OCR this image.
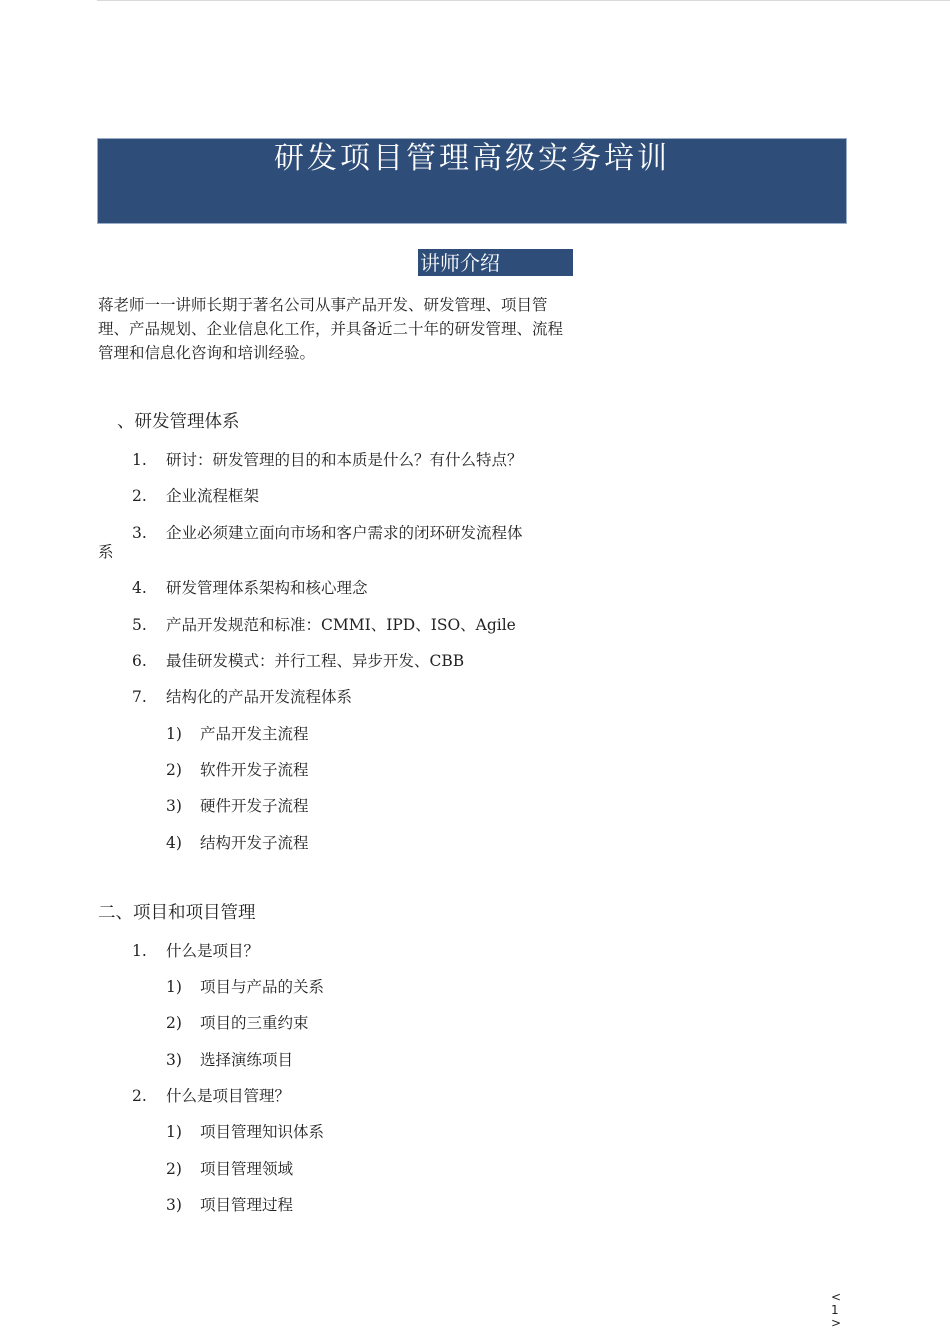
研发项目管理高级实务培训
讲师介绍
蒋老师一一讲师长期于著名公司从事产品开发、研发管理、项目管理、产品规划、企业信息化工作，并具备近二十年的研发管理、流程管理和信息化咨询和培训经验。
、研发管理体系
1. 研讨：研发管理的目的和本质是什么？有什么特点？
2. 企业流程框架
3. 企业必须建立面向市场和客户需求的闭环研发流程体
系
4. 研发管理体系架构和核心理念
5. 产品开发规范和标准：CMMI、IPD、ISO、Agile
6. 最佳研发模式：并行工程、异步开发、CBB
7. 结构化的产品开发流程体系
1) 产品开发主流程
2) 软件开发子流程
3) 硬件开发子流程
4) 结构开发子流程
二、项目和项目管理
1. 什么是项目？
1) 项目与产品的关系
2) 项目的三重约束
3) 选择演练项目
2. 什么是项目管理？
1) 项目管理知识体系
2) 项目管理领域
3) 项目管理过程
<1>
